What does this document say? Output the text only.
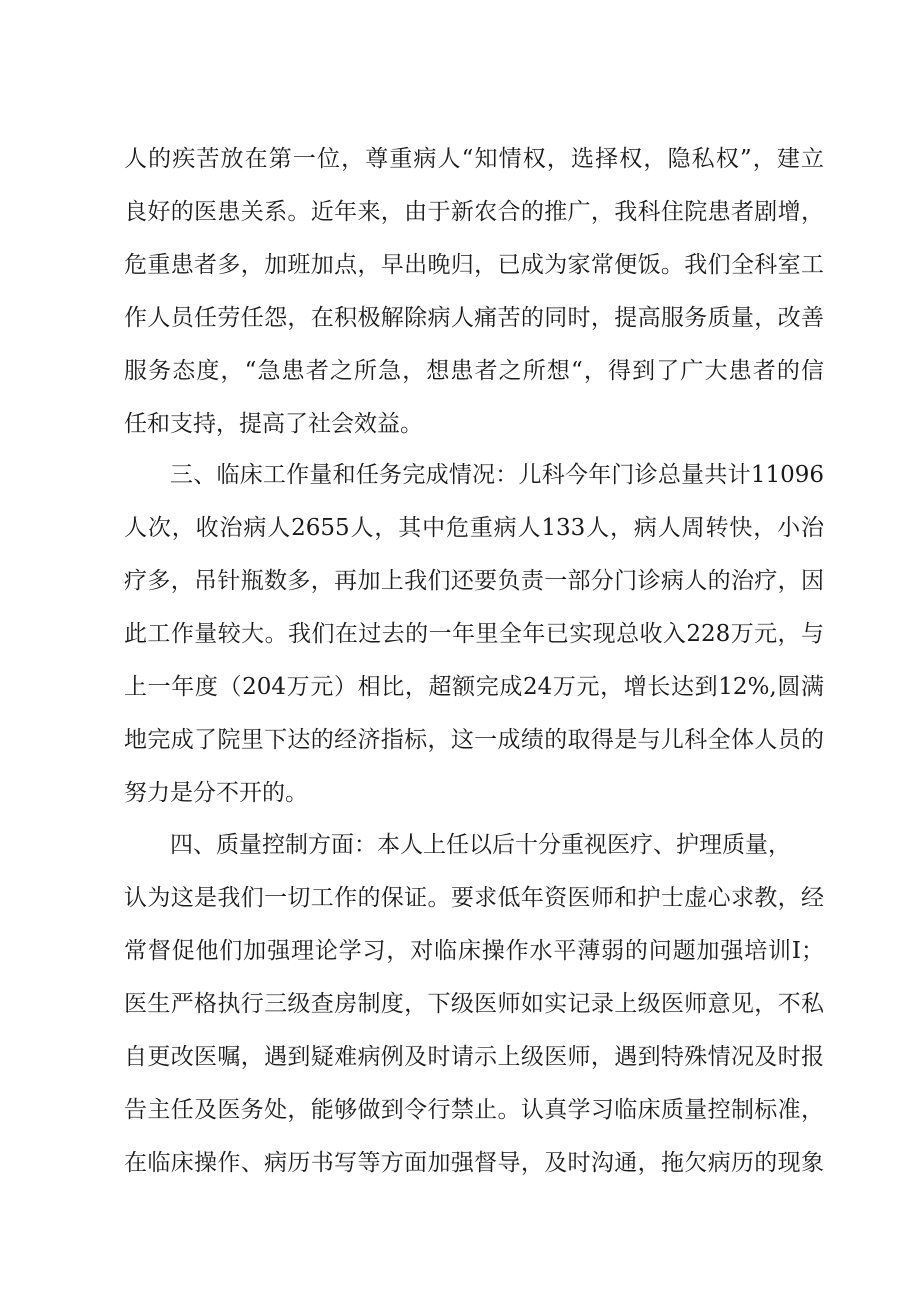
人的疾苦放在第一位，尊重病人“知情权，选择权，隐私权”，建立

良好的医患关系。近年来，由于新农合的推广，我科住院患者剧增，

危重患者多，加班加点，早出晚归，已成为家常便饭。我们全科室工

作人员任劳任怨，在积极解除病人痛苦的同时，提高服务质量，改善

服务态度，“急患者之所急，想患者之所想“，得到了广大患者的信

任和支持，提高了社会效益。

三、临床工作量和任务完成情况：儿科今年门诊总量共计11096

人次，收治病人2655人，其中危重病人133人，病人周转快，小治

疗多，吊针瓶数多，再加上我们还要负责一部分门诊病人的治疗，因

此工作量较大。我们在过去的一年里全年已实现总收入228万元，与

上一年度（204万元）相比，超额完成24万元，增长达到12%,圆满

地完成了院里下达的经济指标，这一成绩的取得是与儿科全体人员的

努力是分不开的。

四、质量控制方面：本人上任以后十分重视医疗、护理质量，

认为这是我们一切工作的保证。要求低年资医师和护士虚心求教，经

常督促他们加强理论学习，对临床操作水平薄弱的问题加强培训I；

医生严格执行三级查房制度，下级医师如实记录上级医师意见，不私

自更改医嘱，遇到疑难病例及时请示上级医师，遇到特殊情况及时报

告主任及医务处，能够做到令行禁止。认真学习临床质量控制标准，

在临床操作、病历书写等方面加强督导，及时沟通，拖欠病历的现象
